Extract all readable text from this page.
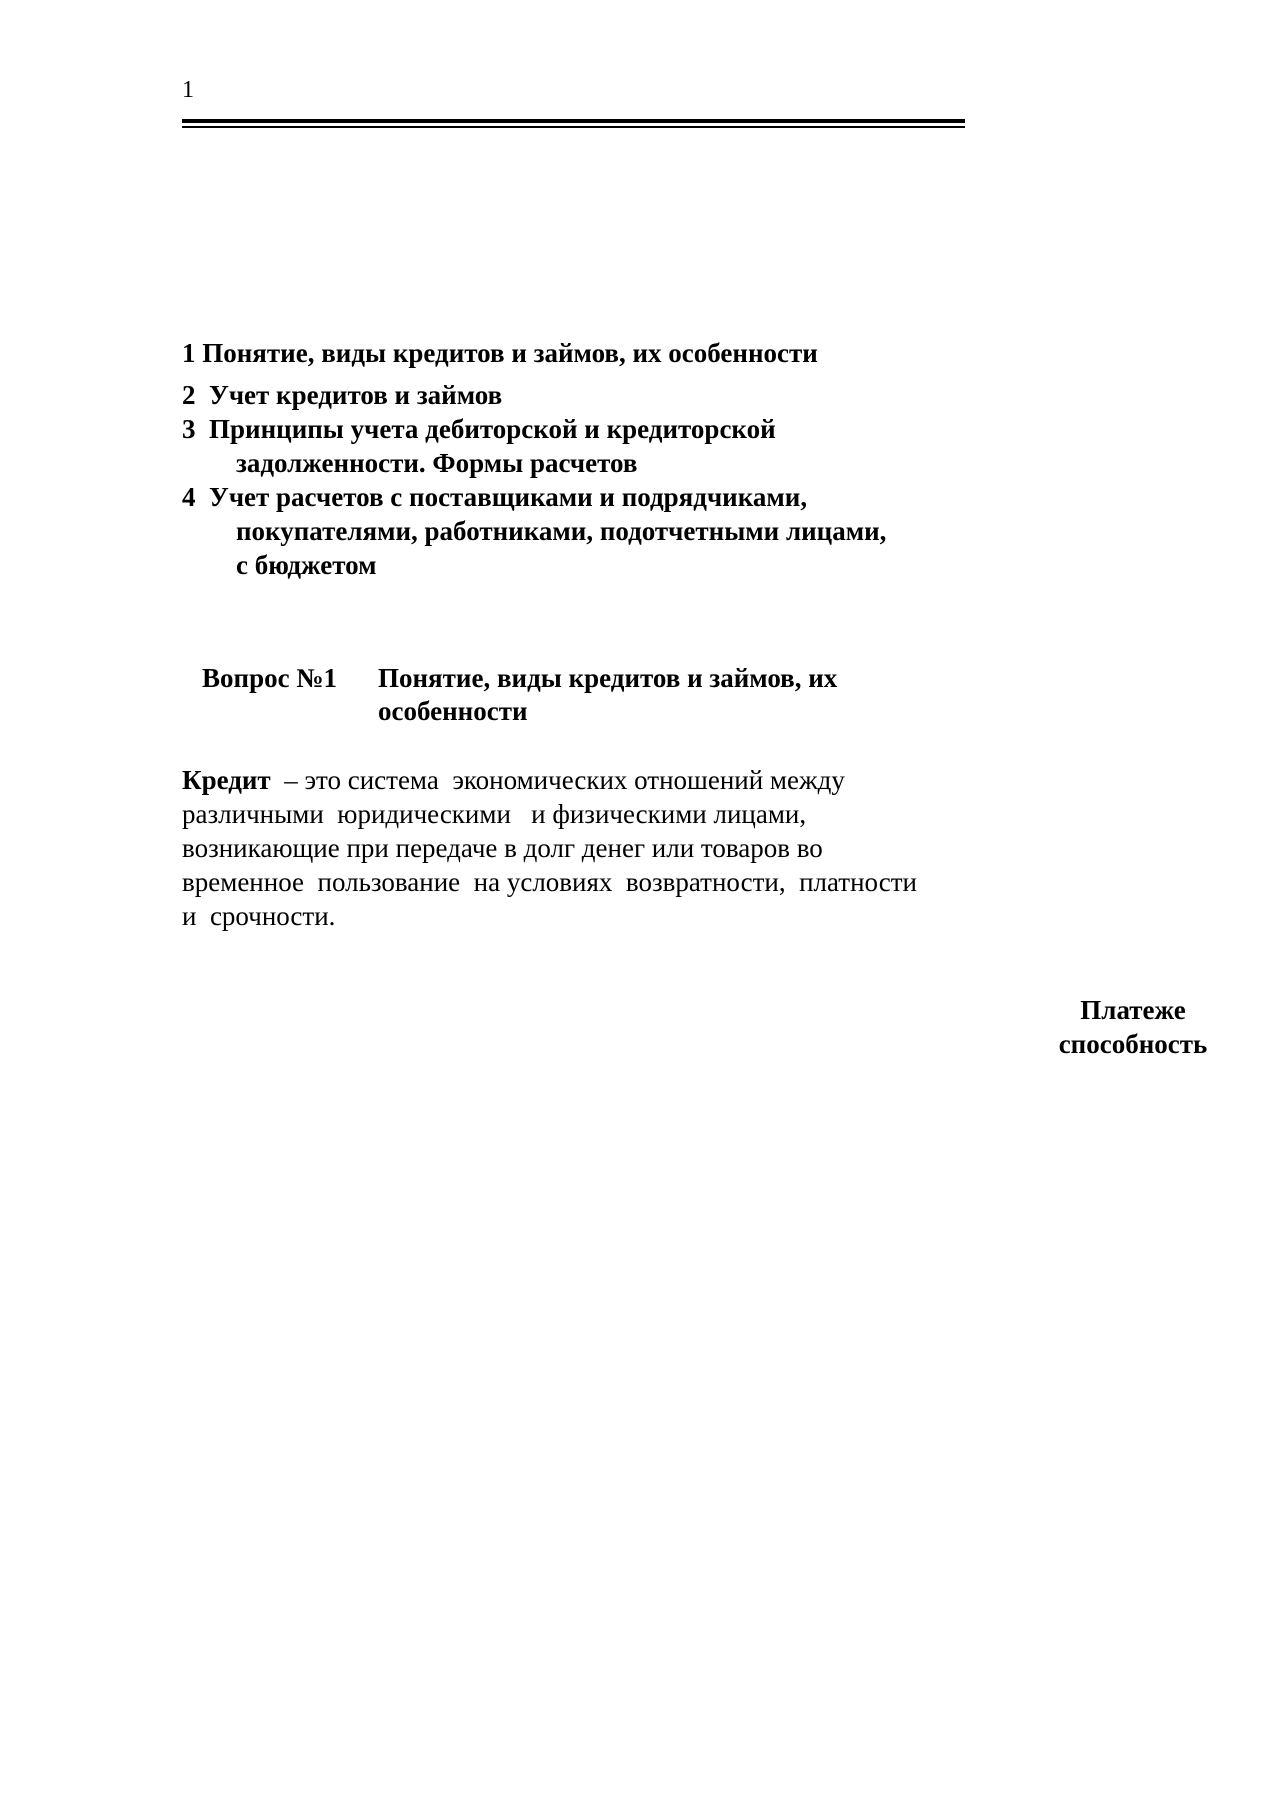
1
1 Понятие, виды кредитов и займов, их особенности
2 Учет кредитов и займов
3 Принципы учета дебиторской и кредиторской
задолженности. Формы расчетов
4 Учет расчетов с поставщиками и подрядчиками,
покупателями, работниками, подотчетными лицами,
с бюджетом
Вопрос №1 Понятие, виды кредитов и займов, их
особенности
Кредит  – это система  экономических отношений между
различными  юридическими   и физическими лицами,
возникающие при передаче в долг денег или товаров во
временное  пользование  на условиях  возвратности,  платности
и  срочности.
Платеже
способность
